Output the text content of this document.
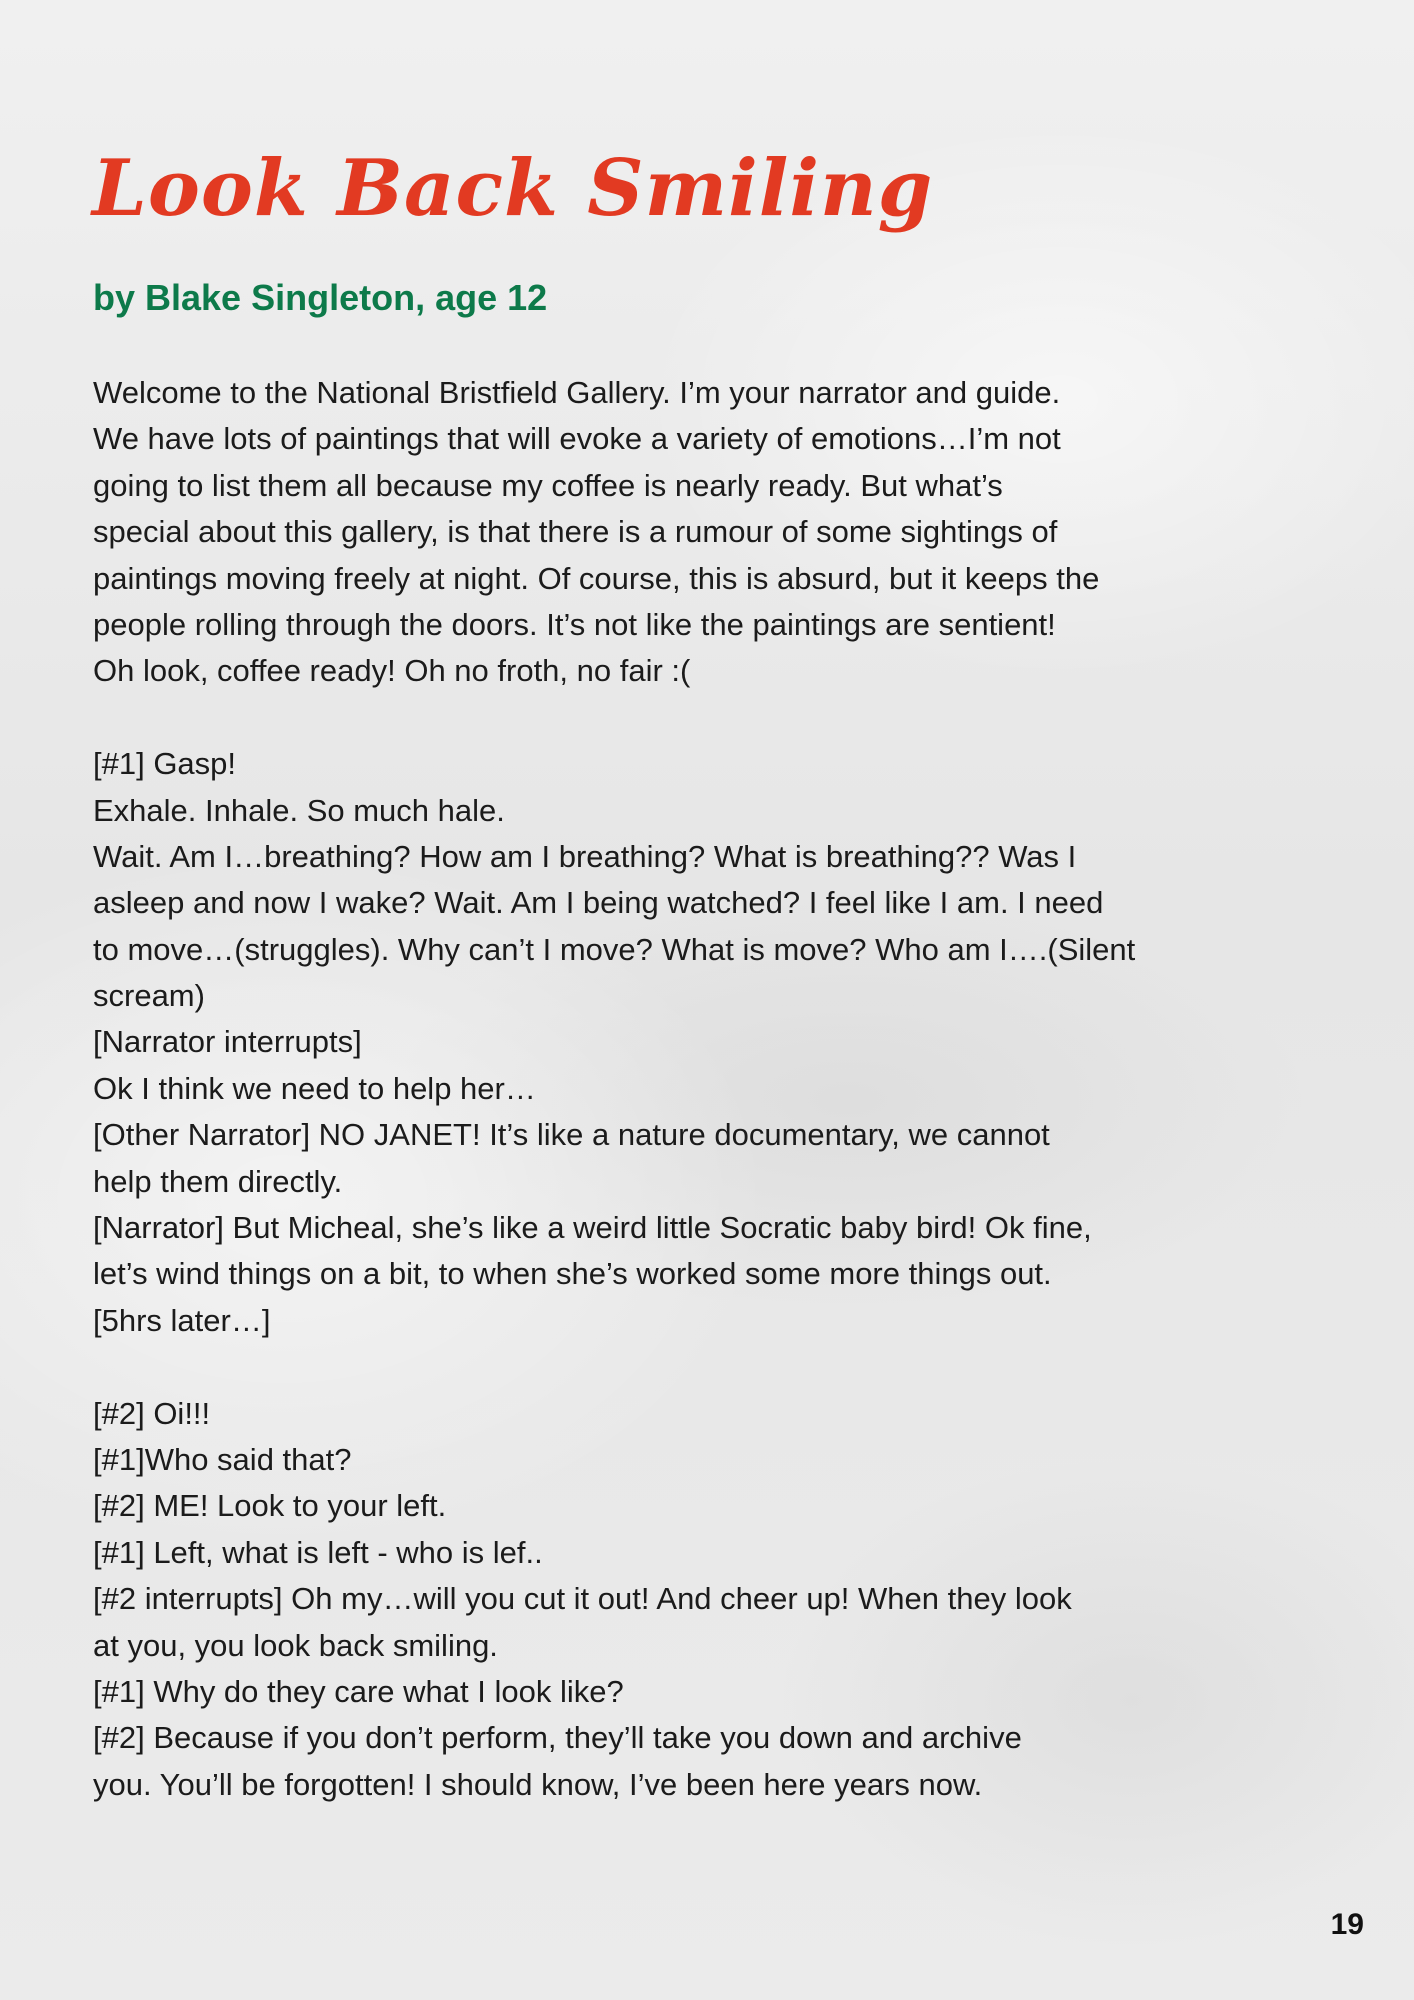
Look Back Smiling

by Blake Singleton, age 12

Welcome to the National Bristfield Gallery. I’m your narrator and guide.
We have lots of paintings that will evoke a variety of emotions…I’m not
going to list them all because my coffee is nearly ready. But what’s
special about this gallery, is that there is a rumour of some sightings of
paintings moving freely at night. Of course, this is absurd, but it keeps the
people rolling through the doors. It’s not like the paintings are sentient!
Oh look, coffee ready! Oh no froth, no fair :(
[#1] Gasp!
Exhale. Inhale. So much hale.
Wait. Am I…breathing? How am I breathing? What is breathing?? Was I
asleep and now I wake? Wait. Am I being watched? I feel like I am. I need
to move…(struggles). Why can’t I move? What is move? Who am I….(Silent
scream)
[Narrator interrupts]
Ok I think we need to help her…
[Other Narrator] NO JANET! It’s like a nature documentary, we cannot
help them directly.
[Narrator] But Micheal, she’s like a weird little Socratic baby bird! Ok fine,
let’s wind things on a bit, to when she’s worked some more things out.
[5hrs later…]
[#2] Oi!!!
[#1]Who said that?
[#2] ME! Look to your left.
[#1] Left, what is left - who is lef..
[#2 interrupts] Oh my…will you cut it out! And cheer up! When they look
at you, you look back smiling.
[#1] Why do they care what I look like?
[#2] Because if you don’t perform, they’ll take you down and archive
you. You’ll be forgotten! I should know, I’ve been here years now.
19
